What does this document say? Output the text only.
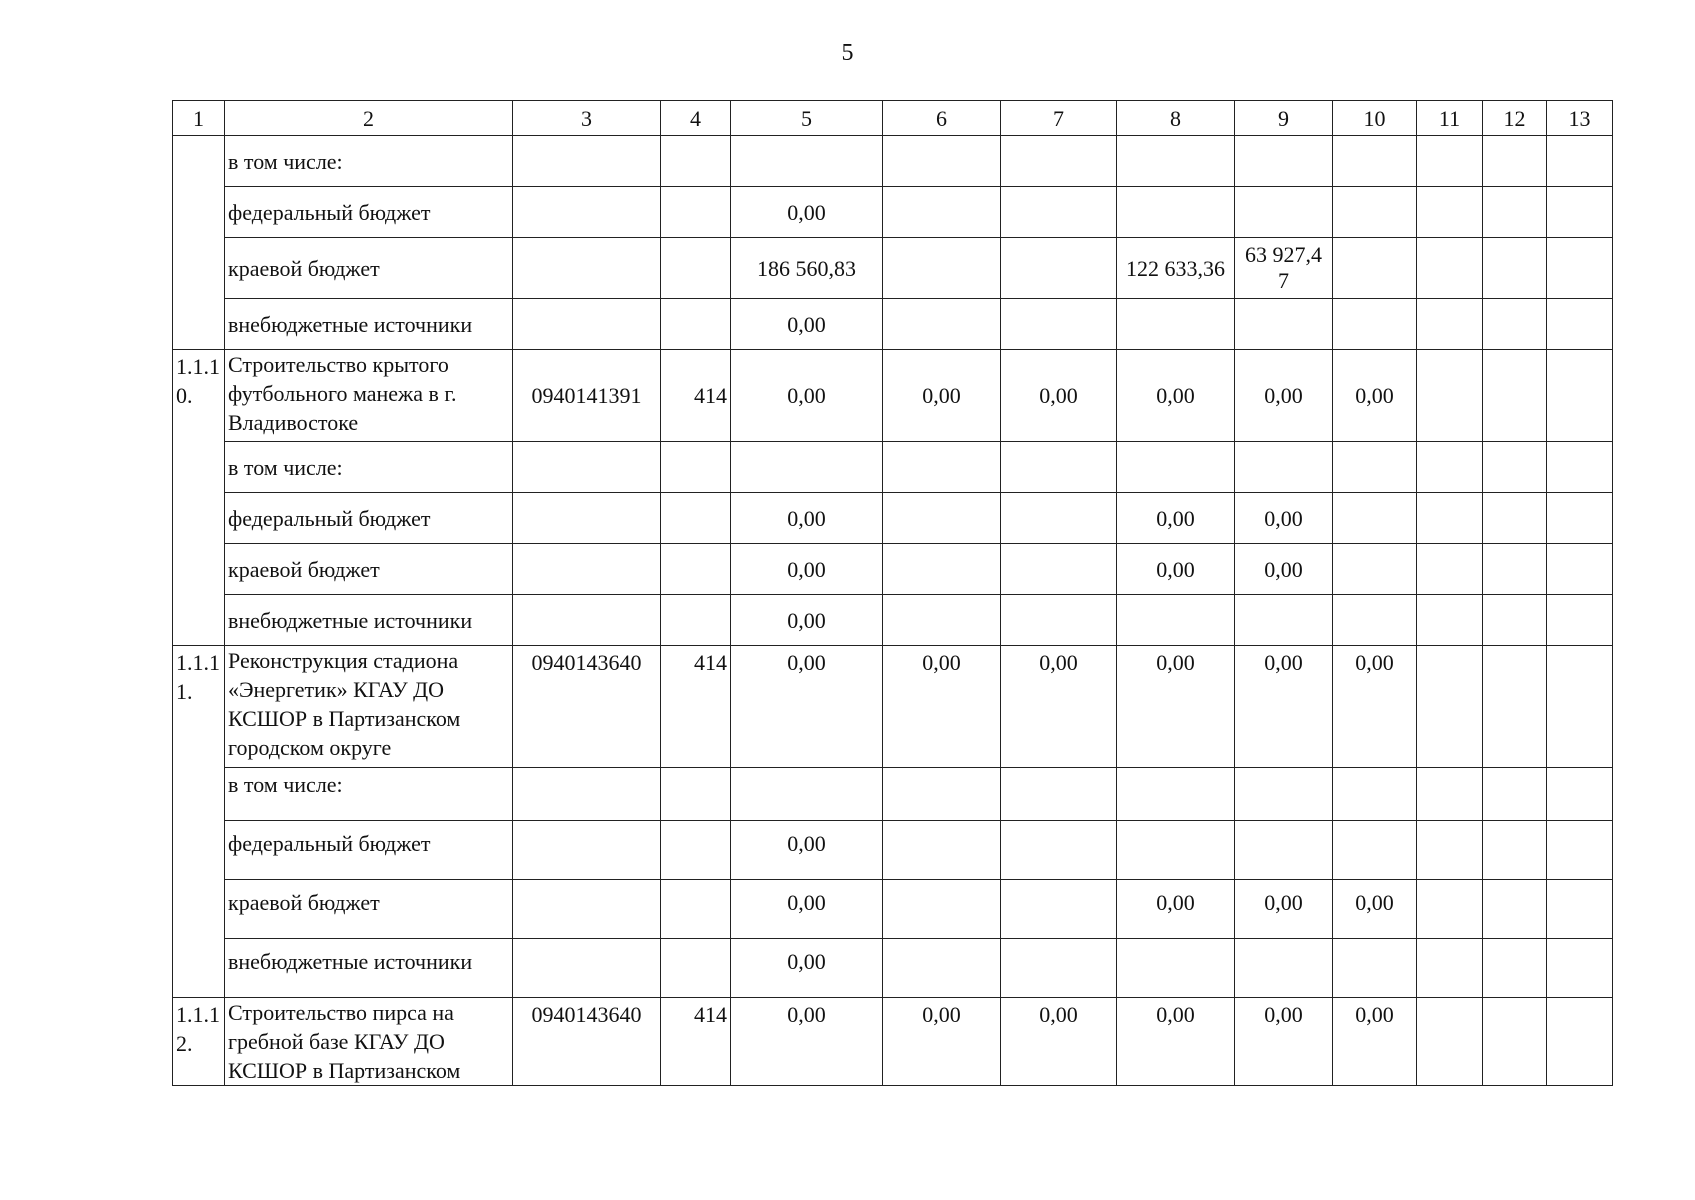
5
1	2	3	4	5	6	7	8	9	10	11	12	13
	в том числе:											
	федеральный бюджет			0,00								
	краевой бюджет			186 560,83			122 633,36	63 927,4 7				
	внебюджетные источники			0,00								
1.1.1 0.	Строительство крытого футбольного манежа в г. Владивостоке	0940141391	414	0,00	0,00	0,00	0,00	0,00	0,00			
	в том числе:											
	федеральный бюджет			0,00			0,00	0,00				
	краевой бюджет			0,00			0,00	0,00				
	внебюджетные источники			0,00								
1.1.1 1.	Реконструкция стадиона «Энергетик» КГАУ ДО КСШОР в Партизанском городском округе	0940143640	414	0,00	0,00	0,00	0,00	0,00	0,00			
	в том числе:											
	федеральный бюджет			0,00								
	краевой бюджет			0,00			0,00	0,00	0,00			
	внебюджетные источники			0,00								
1.1.1 2.	Строительство пирса на гребной базе КГАУ ДО КСШОР в Партизанском	0940143640	414	0,00	0,00	0,00	0,00	0,00	0,00			
